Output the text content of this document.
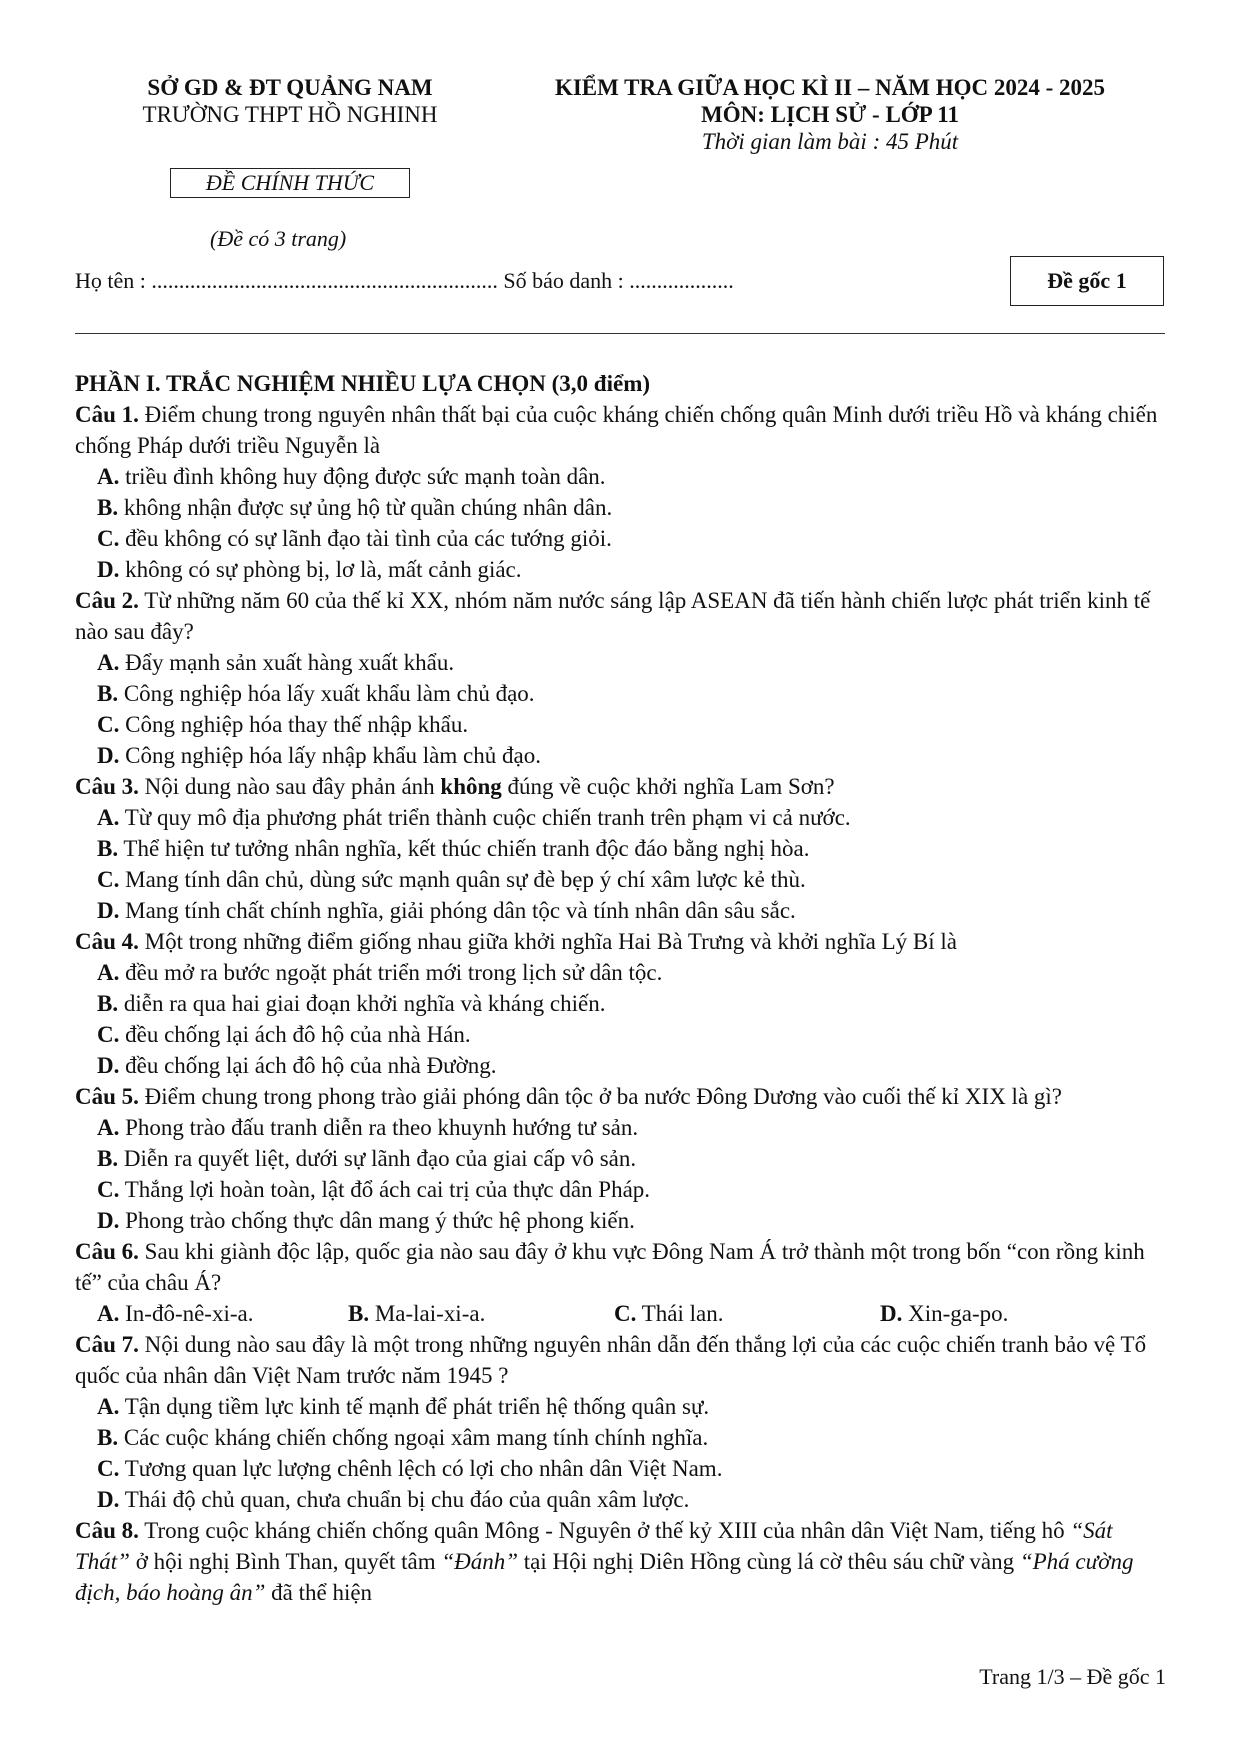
SỞ GD & ĐT QUẢNG NAM
TRƯỜNG THPT HỒ NGHINH
KIỂM TRA GIỮA HỌC KÌ II – NĂM HỌC 2024 - 2025
MÔN: LỊCH SỬ - LỚP 11
Thời gian làm bài : 45 Phút
ĐỀ CHÍNH THỨC
(Đề có 3 trang)
Họ tên : ............................................................... Số báo danh : ...................	Đề gốc 1

PHẦN I. TRẮC NGHIỆM NHIỀU LỰA CHỌN (3,0 điểm)

Câu 1. Điểm chung trong nguyên nhân thất bại của cuộc kháng chiến chống quân Minh dưới triều Hồ và kháng chiến chống Pháp dưới triều Nguyễn là

A. triều đình không huy động được sức mạnh toàn dân.

B. không nhận được sự ủng hộ từ quần chúng nhân dân.

C. đều không có sự lãnh đạo tài tình của các tướng giỏi.

D. không có sự phòng bị, lơ là, mất cảnh giác.

Câu 2. Từ những năm 60 của thế kỉ XX, nhóm năm nước sáng lập ASEAN đã tiến hành chiến lược phát triển kinh tế nào sau đây?

A. Đẩy mạnh sản xuất hàng xuất khẩu.

B. Công nghiệp hóa lấy xuất khẩu làm chủ đạo.

C. Công nghiệp hóa thay thế nhập khẩu.

D. Công nghiệp hóa lấy nhập khẩu làm chủ đạo.

Câu 3. Nội dung nào sau đây phản ánh không đúng về cuộc khởi nghĩa Lam Sơn?

A. Từ quy mô địa phương phát triển thành cuộc chiến tranh trên phạm vi cả nước.

B. Thể hiện tư tưởng nhân nghĩa, kết thúc chiến tranh độc đáo bằng nghị hòa.

C. Mang tính dân chủ, dùng sức mạnh quân sự đè bẹp ý chí xâm lược kẻ thù.

D. Mang tính chất chính nghĩa, giải phóng dân tộc và tính nhân dân sâu sắc.

Câu 4. Một trong những điểm giống nhau giữa khởi nghĩa Hai Bà Trưng và khởi nghĩa Lý Bí là

A. đều mở ra bước ngoặt phát triển mới trong lịch sử dân tộc.

B. diễn ra qua hai giai đoạn khởi nghĩa và kháng chiến.

C. đều chống lại ách đô hộ của nhà Hán.

D. đều chống lại ách đô hộ của nhà Đường.

Câu 5. Điểm chung trong phong trào giải phóng dân tộc ở ba nước Đông Dương vào cuối thế kỉ XIX là gì?

A. Phong trào đấu tranh diễn ra theo khuynh hướng tư sản.

B. Diễn ra quyết liệt, dưới sự lãnh đạo của giai cấp vô sản.

C. Thắng lợi hoàn toàn, lật đổ ách cai trị của thực dân Pháp.

D. Phong trào chống thực dân mang ý thức hệ phong kiến.

Câu 6. Sau khi giành độc lập, quốc gia nào sau đây ở khu vực Đông Nam Á trở thành một trong bốn “con rồng kinh tế” của châu Á?

A. In-đô-nê-xi-a.	B. Ma-lai-xi-a.	C. Thái lan.	D. Xin-ga-po.

Câu 7. Nội dung nào sau đây là một trong những nguyên nhân dẫn đến thắng lợi của các cuộc chiến tranh bảo vệ Tổ quốc của nhân dân Việt Nam trước năm 1945 ?

A. Tận dụng tiềm lực kinh tế mạnh để phát triển hệ thống quân sự.

B. Các cuộc kháng chiến chống ngoại xâm mang tính chính nghĩa.

C. Tương quan lực lượng chênh lệch có lợi cho nhân dân Việt Nam.

D. Thái độ chủ quan, chưa chuẩn bị chu đáo của quân xâm lược.

Câu 8. Trong cuộc kháng chiến chống quân Mông - Nguyên ở thế kỷ XIII của nhân dân Việt Nam, tiếng hô “Sát Thát” ở hội nghị Bình Than, quyết tâm “Đánh” tại Hội nghị Diên Hồng cùng lá cờ thêu sáu chữ vàng “Phá cường địch, báo hoàng ân” đã thể hiện

Trang 1/3 – Đề gốc 1
